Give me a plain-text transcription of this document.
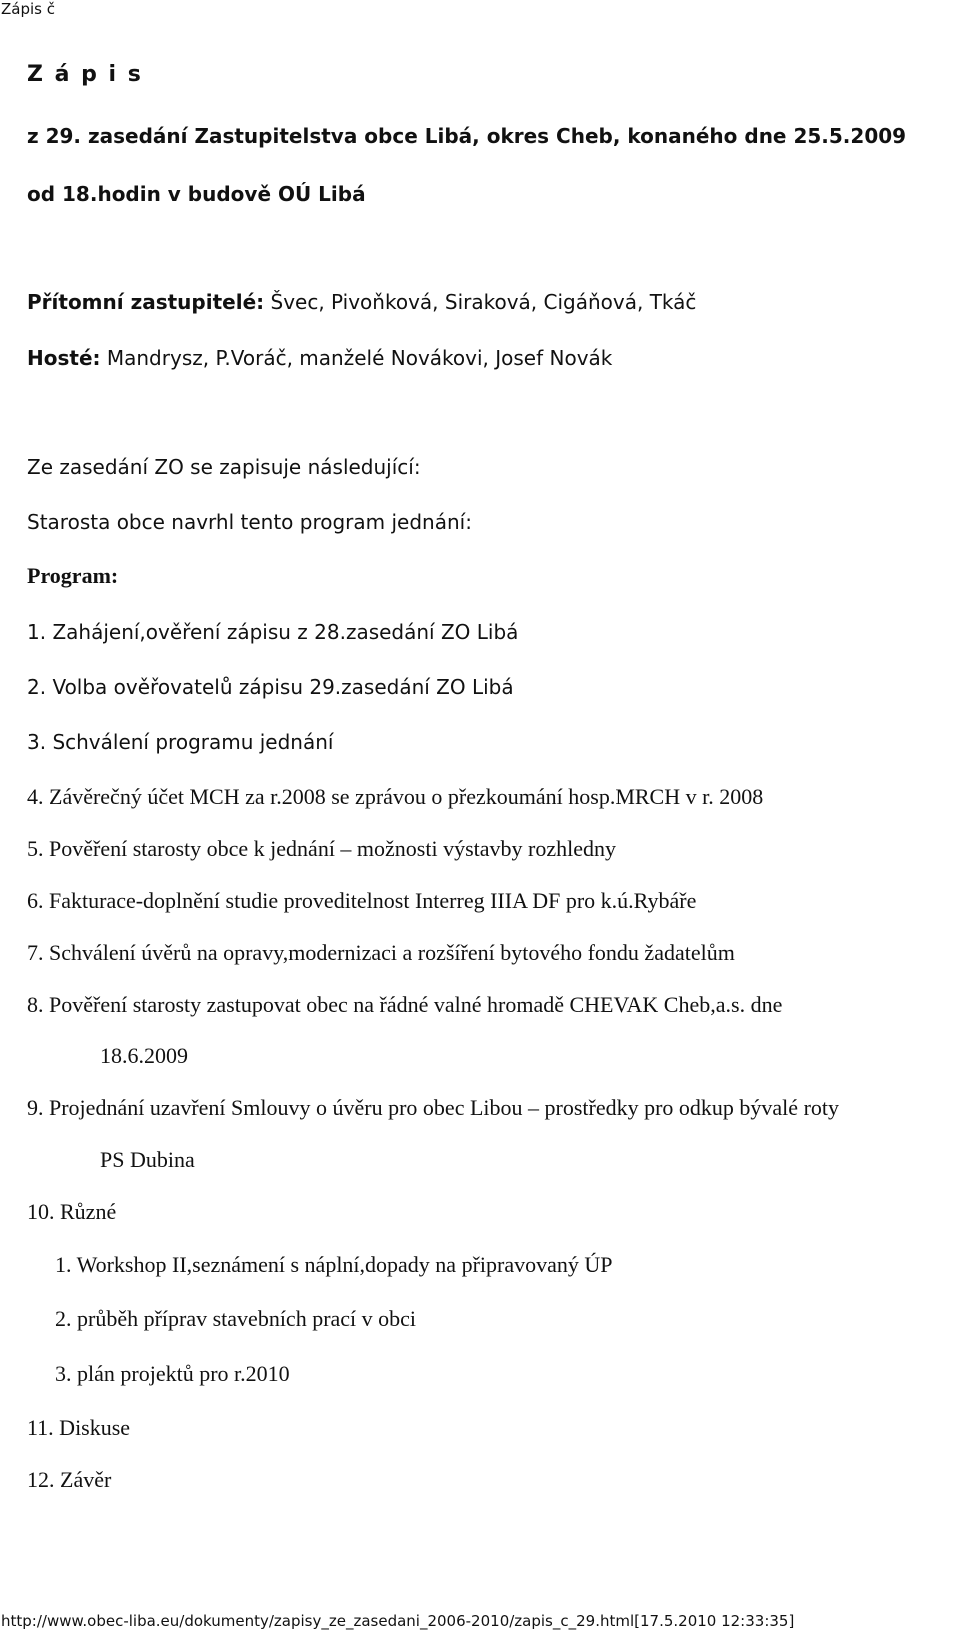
Zápis č
Z á p i s
z 29. zasedání Zastupitelstva obce Libá, okres Cheb, konaného dne 25.5.2009
od 18.hodin v budově OÚ Libá
Přítomní zastupitelé: Švec, Pivoňková, Siraková, Cigáňová, Tkáč
Hosté: Mandrysz, P.Voráč, manželé Novákovi, Josef Novák
Ze zasedání ZO se zapisuje následující:
Starosta obce navrhl tento program jednání:
Program:
1. Zahájení,ověření zápisu z 28.zasedání ZO Libá
2. Volba ověřovatelů zápisu 29.zasedání ZO Libá
3. Schválení programu jednání
4. Závěrečný účet MCH za r.2008 se zprávou o přezkoumání hosp.MRCH v r. 2008
5. Pověření starosty obce k jednání – možnosti výstavby rozhledny
6. Fakturace-doplnění studie proveditelnost Interreg IIIA DF pro k.ú.Rybáře
7. Schválení úvěrů na opravy,modernizaci a rozšíření bytového fondu žadatelům
8. Pověření starosty zastupovat obec na řádné valné hromadě CHEVAK Cheb,a.s. dne
18.6.2009
9. Projednání uzavření Smlouvy o úvěru pro obec Libou – prostředky pro odkup bývalé roty
PS Dubina
10. Různé
1. Workshop II,seznámení s náplní,dopady na připravovaný ÚP
2. průběh příprav stavebních prací v obci
3. plán projektů pro r.2010
11. Diskuse
12. Závěr
http://www.obec-liba.eu/dokumenty/zapisy_ze_zasedani_2006-2010/zapis_c_29.html[17.5.2010 12:33:35]
